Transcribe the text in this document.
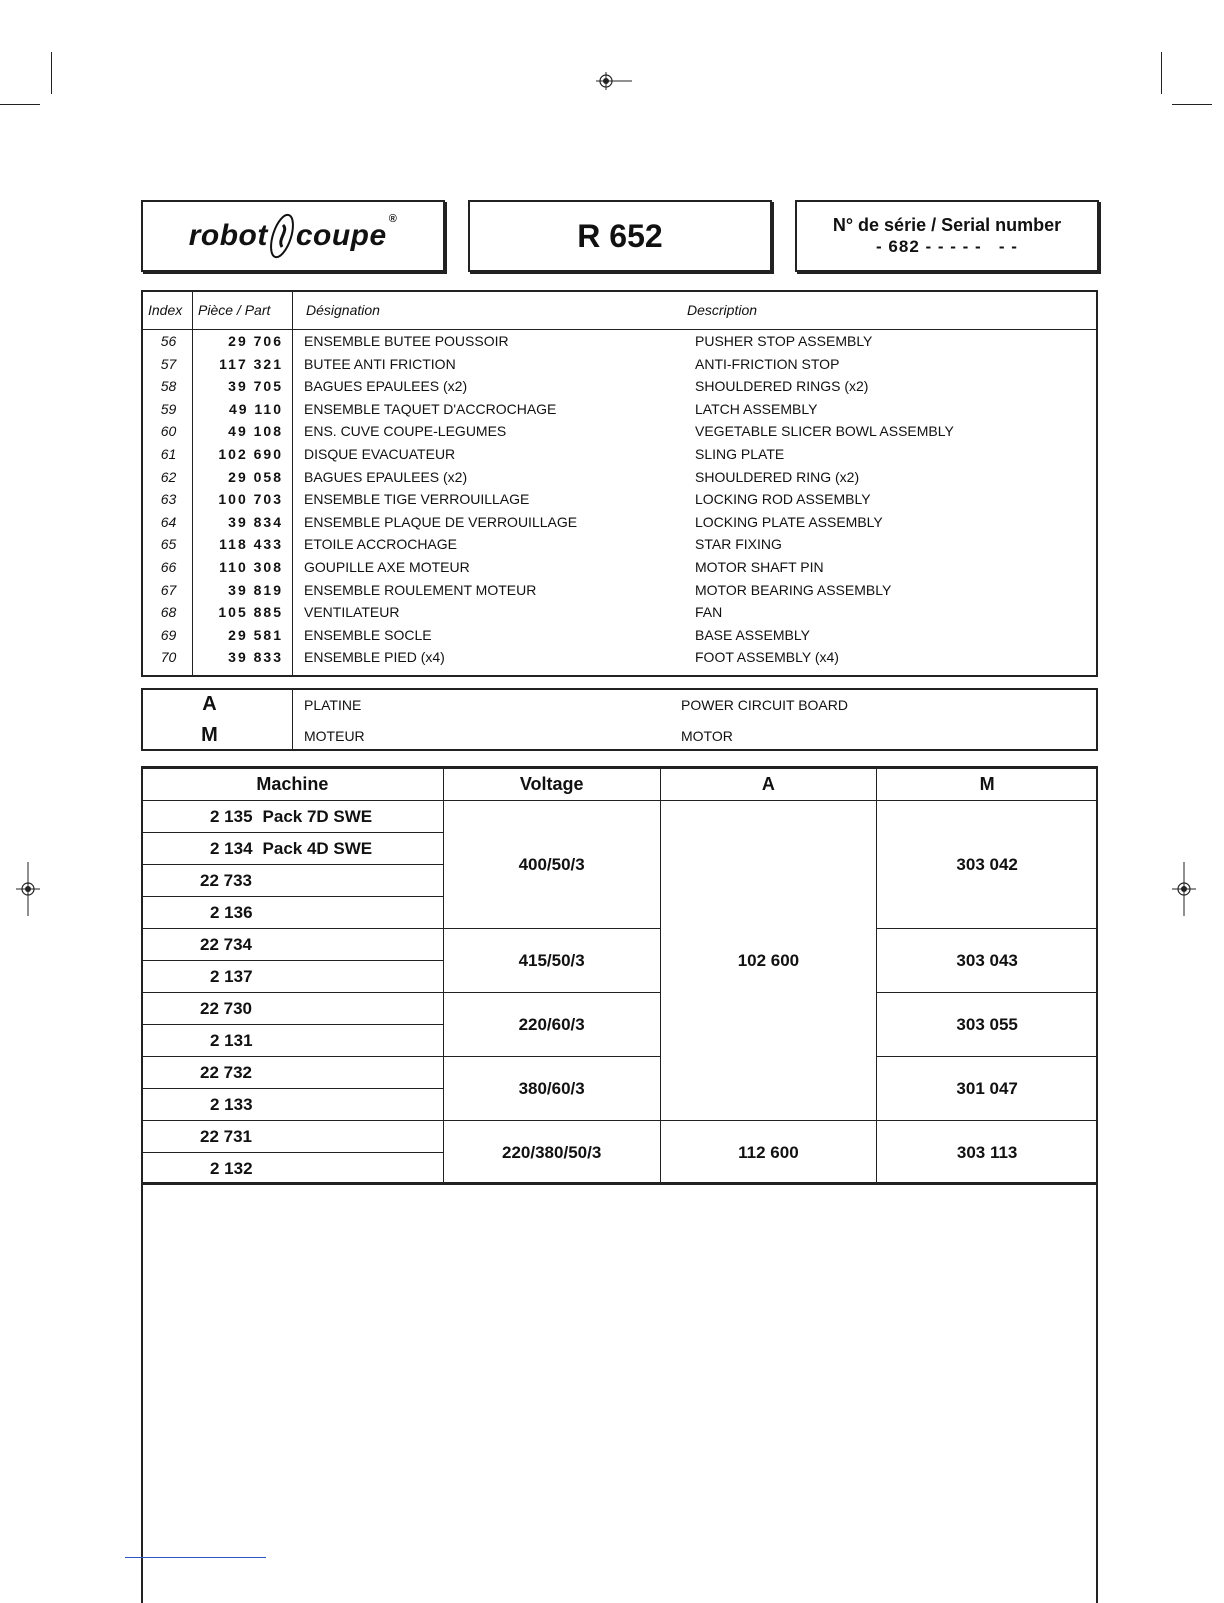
robot coupe®	R 652	N° de série / Serial number
- 682 - - - - -   - -
Index Pièce / Part	Désignation	Description
56	29 706 ENSEMBLE BUTEE POUSSOIR	PUSHER STOP ASSEMBLY
57	117 321 BUTEE ANTI FRICTION	ANTI-FRICTION STOP
58	39 705 BAGUES EPAULEES (x2)	SHOULDERED RINGS (x2)
59	49 110 ENSEMBLE TAQUET D'ACCROCHAGE	LATCH ASSEMBLY
60	49 108 ENS. CUVE COUPE-LEGUMES	VEGETABLE SLICER BOWL ASSEMBLY
61	102 690 DISQUE EVACUATEUR	SLING PLATE
62	29 058 BAGUES EPAULEES (x2)	SHOULDERED RING (x2)
63	100 703 ENSEMBLE TIGE VERROUILLAGE	LOCKING ROD ASSEMBLY
64	39 834 ENSEMBLE PLAQUE DE VERROUILLAGE	LOCKING PLATE ASSEMBLY
65	118 433 ETOILE ACCROCHAGE	STAR FIXING
66	110 308 GOUPILLE AXE MOTEUR	MOTOR SHAFT PIN
67	39 819 ENSEMBLE ROULEMENT MOTEUR	MOTOR BEARING ASSEMBLY
68	105 885 VENTILATEUR	FAN
69	29 581 ENSEMBLE SOCLE	BASE ASSEMBLY
70	39 833 ENSEMBLE PIED (x4)	FOOT ASSEMBLY (x4)
A	PLATINE	POWER CIRCUIT BOARD
M	MOTEUR	MOTOR
Machine	Voltage	A	M
2 135 Pack 7D SWE	400/50/3	102 600	303 042
2 134 Pack 4D SWE			
22 733			
2 136			
22 734	415/50/3		303 043
2 137			
22 730	220/60/3		303 055
2 131			
22 732	380/60/3		301 047
2 133			
22 731	220/380/50/3	112 600	303 113
2 132			
